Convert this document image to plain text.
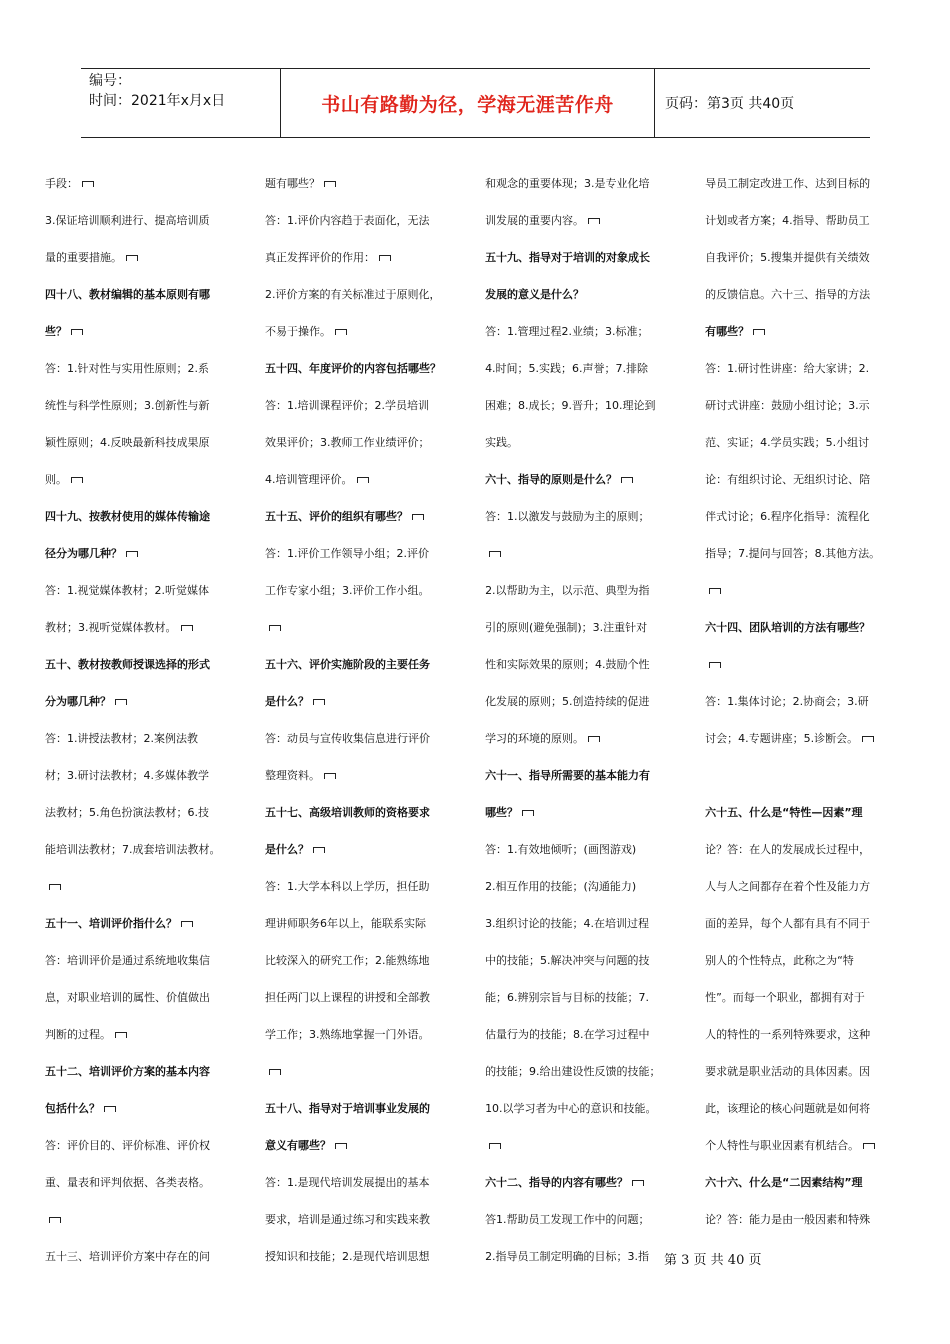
编号：
时间：2021年x月x日	书山有路勤为径，学海无涯苦作舟	页码：第3页 共40页
手段：
3.保证培训顺利进行、提高培训质
量的重要措施。
四十八、教材编辑的基本原则有哪
些？
答：1.针对性与实用性原则；2.系
统性与科学性原则；3.创新性与新
颖性原则；4.反映最新科技成果原
则。
四十九、按教材使用的媒体传输途
径分为哪几种？
答：1.视觉媒体教材；2.听觉媒体
教材；3.视听觉媒体教材。
五十、教材按教师授课选择的形式
分为哪几种？
答：1.讲授法教材；2.案例法教
材；3.研讨法教材；4.多媒体教学
法教材；5.角色扮演法教材；6.技
能培训法教材；7.成套培训法教材。
五十一、培训评价指什么？
答：培训评价是通过系统地收集信
息，对职业培训的属性、价值做出
判断的过程。
五十二、培训评价方案的基本内容
包括什么？
答：评价目的、评价标准、评价权
重、量表和评判依据、各类表格。
五十三、培训评价方案中存在的问
题有哪些？
答：1.评价内容趋于表面化，无法
真正发挥评价的作用：
2.评价方案的有关标准过于原则化，
不易于操作。
五十四、年度评价的内容包括哪些？
答：1.培训课程评价；2.学员培训
效果评价；3.教师工作业绩评价；
4.培训管理评价。
五十五、评价的组织有哪些？
答：1.评价工作领导小组；2.评价
工作专家小组；3.评价工作小组。
五十六、评价实施阶段的主要任务
是什么？
答：动员与宣传收集信息进行评价
整理资料。
五十七、高级培训教师的资格要求
是什么？
答：1.大学本科以上学历，担任助
理讲师职务6年以上，能联系实际
比较深入的研究工作；2.能熟练地
担任两门以上课程的讲授和全部教
学工作；3.熟练地掌握一门外语。
五十八、指导对于培训事业发展的
意义有哪些？
答：1.是现代培训发展提出的基本
要求，培训是通过练习和实践来教
授知识和技能；2.是现代培训思想
和观念的重要体现；3.是专业化培
训发展的重要内容。
五十九、指导对于培训的对象成长
发展的意义是什么？
答：1.管理过程2.业绩；3.标准；
4.时间；5.实践；6.声誉；7.排除
困难；8.成长；9.晋升；10.理论到
实践。
六十、指导的原则是什么？
答：1.以激发与鼓励为主的原则；
2.以帮助为主，以示范、典型为指
引的原则(避免强制)；3.注重针对
性和实际效果的原则；4.鼓励个性
化发展的原则；5.创造持续的促进
学习的环境的原则。
六十一、指导所需要的基本能力有
哪些？
答：1.有效地倾听；(画图游戏)
2.相互作用的技能；(沟通能力)
3.组织讨论的技能；4.在培训过程
中的技能；5.解决冲突与问题的技
能；6.辨别宗旨与目标的技能；7.
估量行为的技能；8.在学习过程中
的技能；9.给出建设性反馈的技能；
10.以学习者为中心的意识和技能。
六十二、指导的内容有哪些？
答1.帮助员工发现工作中的问题；
2.指导员工制定明确的目标；3.指
导员工制定改进工作、达到目标的
计划或者方案；4.指导、帮助员工
自我评价；5.搜集并提供有关绩效
的反馈信息。六十三、指导的方法
有哪些？
答：1.研讨性讲座：给大家讲；2.
研讨式讲座：鼓励小组讨论；3.示
范、实证；4.学员实践；5.小组讨
论：有组织讨论、无组织讨论、陪
伴式讨论；6.程序化指导：流程化
指导；7.提问与回答；8.其他方法。
六十四、团队培训的方法有哪些？
答：1.集体讨论；2.协商会；3.研
讨会；4.专题讲座；5.诊断会。
六十五、什么是“特性—因素”理
论？答：在人的发展成长过程中，
人与人之间都存在着个性及能力方
面的差异，每个人都有具有不同于
别人的个性特点，此称之为“特
性”。而每一个职业，都拥有对于
人的特性的一系列特殊要求，这种
要求就是职业活动的具体因素。因
此，该理论的核心问题就是如何将
个人特性与职业因素有机结合。
六十六、什么是“二因素结构”理
论？答：能力是由一般因素和特殊
第 3 页 共 40 页
